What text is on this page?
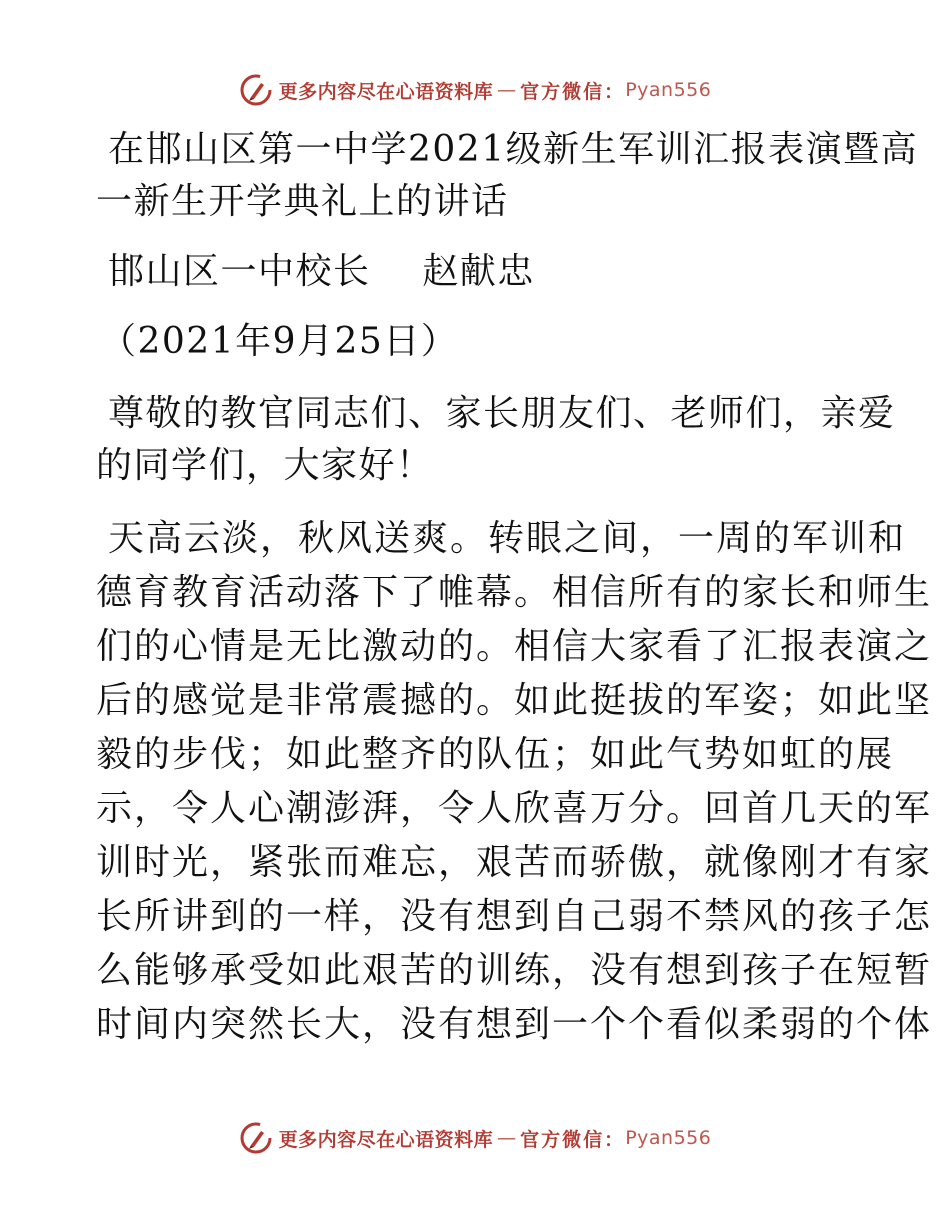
更多内容尽在心语资料库 — 官方微信： Pyan556
在邯山区第一中学2021级新生军训汇报表演暨高
一新生开学典礼上的讲话
邯山区一中校长    赵献忠
（2021年9月25日）
尊敬的教官同志们、家长朋友们、老师们，亲爱
的同学们，大家好！
天高云淡，秋风送爽。转眼之间，一周的军训和
德育教育活动落下了帷幕。相信所有的家长和师生
们的心情是无比激动的。相信大家看了汇报表演之
后的感觉是非常震撼的。如此挺拔的军姿；如此坚
毅的步伐；如此整齐的队伍；如此气势如虹的展
示，令人心潮澎湃，令人欣喜万分。回首几天的军
训时光，紧张而难忘，艰苦而骄傲，就像刚才有家
长所讲到的一样，没有想到自己弱不禁风的孩子怎
么能够承受如此艰苦的训练，没有想到孩子在短暂
时间内突然长大，没有想到一个个看似柔弱的个体
更多内容尽在心语资料库 — 官方微信： Pyan556
